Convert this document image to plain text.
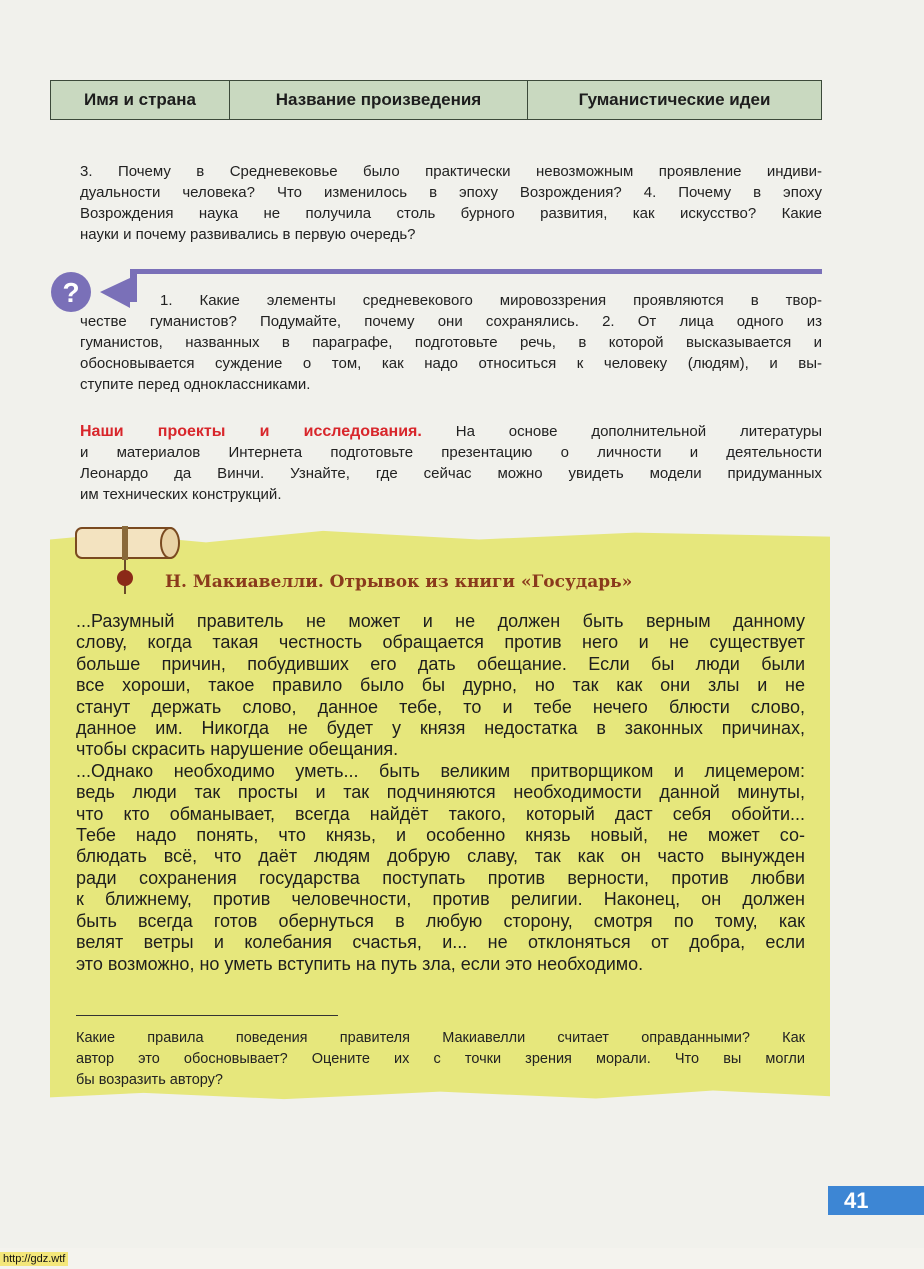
Имя и страна	Название произведения	Гуманистические идеи
3. Почему в Средневековье было практически невозможным проявление индиви-
дуальности человека? Что изменилось в эпоху Возрождения? 4. Почему в эпоху
Возрождения наука не получила столь бурного развития, как искусство? Какие
науки и почему развивались в первую очередь?
?	1. Какие элементы средневекового мировоззрения проявляются в твор-
честве гуманистов? Подумайте, почему они сохранялись. 2. От лица одного из
гуманистов, названных в параграфе, подготовьте речь, в которой высказывается и
обосновывается суждение о том, как надо относиться к человеку (людям), и вы-
ступите перед одноклассниками.
Наши проекты и исследования. На основе дополнительной литературы
и материалов Интернета подготовьте презентацию о личности и деятельности
Леонардо да Винчи. Узнайте, где сейчас можно увидеть модели придуманных
им технических конструкций.
Н. Макиавелли. Отрывок из книги «Государь»
...Разумный правитель не может и не должен быть верным данному
слову, когда такая честность обращается против него и не существует
больше причин, побудивших его дать обещание. Если бы люди были
все хороши, такое правило было бы дурно, но так как они злы и не
станут держать слово, данное тебе, то и тебе нечего блюсти слово,
данное им. Никогда не будет у князя недостатка в законных причинах,
чтобы скрасить нарушение обещания.
...Однако необходимо уметь... быть великим притворщиком и лицемером:
ведь люди так просты и так подчиняются необходимости данной минуты,
что кто обманывает, всегда найдёт такого, который даст себя обойти...
Тебе надо понять, что князь, и особенно князь новый, не может со-
блюдать всё, что даёт людям добрую славу, так как он часто вынужден
ради сохранения государства поступать против верности, против любви
к ближнему, против человечности, против религии. Наконец, он должен
быть всегда готов обернуться в любую сторону, смотря по тому, как
велят ветры и колебания счастья, и... не отклоняться от добра, если
это возможно, но уметь вступить на путь зла, если это необходимо.
Какие правила поведения правителя Макиавелли считает оправданными? Как
автор это обосновывает? Оцените их с точки зрения морали. Что вы могли
бы возразить автору?
41
http://gdz.wtf
